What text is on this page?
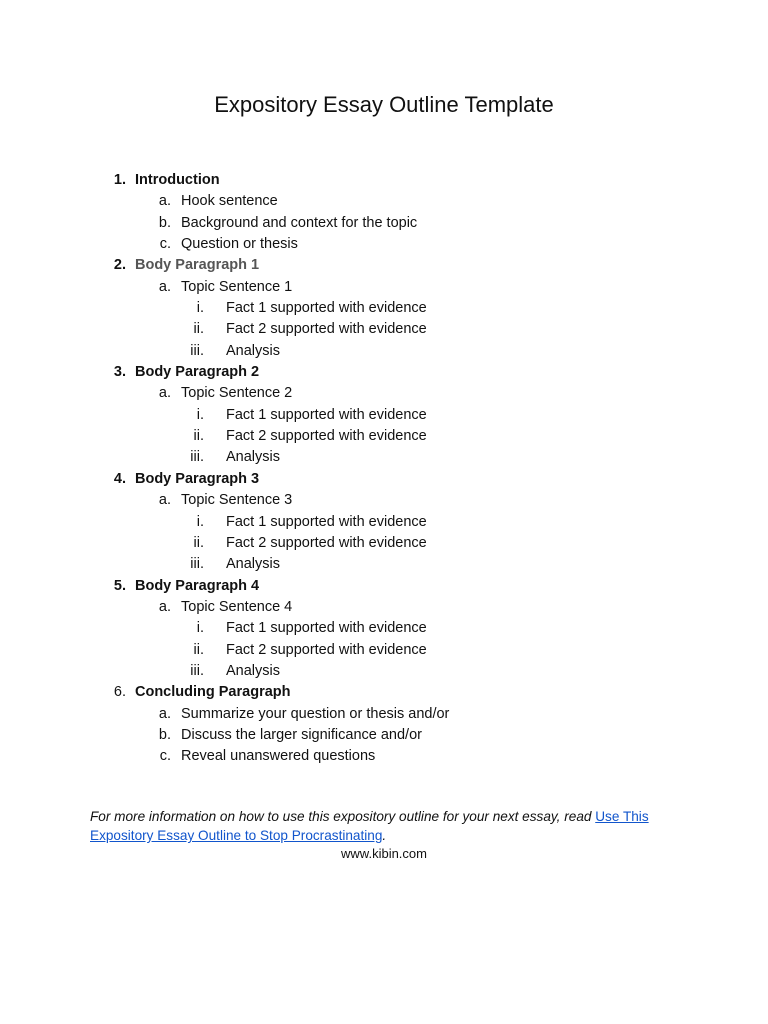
Expository Essay Outline Template
1. Introduction
a. Hook sentence
b. Background and context for the topic
c. Question or thesis
2. Body Paragraph 1
a. Topic Sentence 1
i. Fact 1 supported with evidence
ii. Fact 2 supported with evidence
iii. Analysis
3. Body Paragraph 2
a. Topic Sentence 2
i. Fact 1 supported with evidence
ii. Fact 2 supported with evidence
iii. Analysis
4. Body Paragraph 3
a. Topic Sentence 3
i. Fact 1 supported with evidence
ii. Fact 2 supported with evidence
iii. Analysis
5. Body Paragraph 4
a. Topic Sentence 4
i. Fact 1 supported with evidence
ii. Fact 2 supported with evidence
iii. Analysis
6. Concluding Paragraph
a. Summarize your question or thesis and/or
b. Discuss the larger significance and/or
c. Reveal unanswered questions
For more information on how to use this expository outline for your next essay, read Use This Expository Essay Outline to Stop Procrastinating.
www.kibin.com
